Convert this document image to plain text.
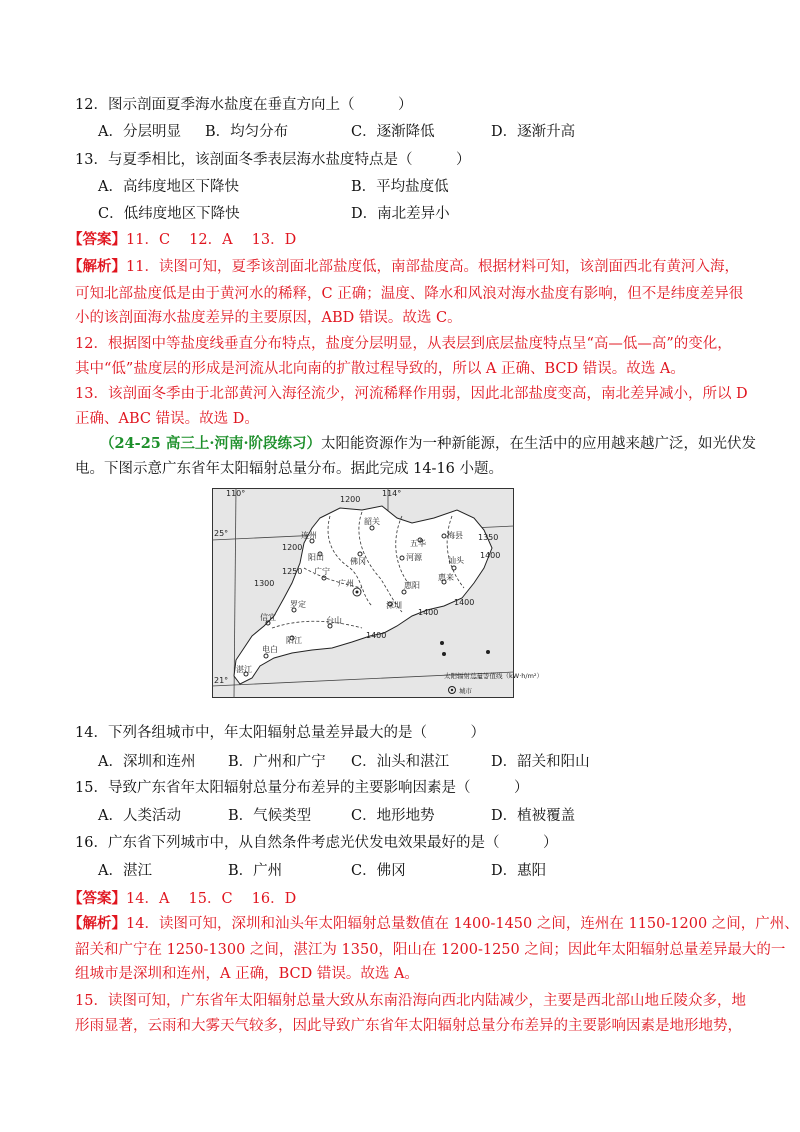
12．图示剖面夏季海水盐度在垂直方向上（　　　）
A．分层明显 B．均匀分布	C．逐渐降低	D．逐渐升高
13．与夏季相比，该剖面冬季表层海水盐度特点是（　　　）
A．高纬度地区下降快	B．平均盐度低
C．低纬度地区下降快	D．南北差异小
【答案】11．C　 12．A　 13．D
【解析】11．读图可知，夏季该剖面北部盐度低，南部盐度高。根据材料可知，该剖面西北有黄河入海，
可知北部盐度低是由于黄河水的稀释，C 正确；温度、降水和风浪对海水盐度有影响，但不是纬度差异很
小的该剖面海水盐度差异的主要原因，ABD 错误。故选 C。
12．根据图中等盐度线垂直分布特点，盐度分层明显，从表层到底层盐度特点呈“高—低—高”的变化，
其中“低”盐度层的形成是河流从北向南的扩散过程导致的，所以 A 正确、BCD 错误。故选 A。
13．该剖面冬季由于北部黄河入海径流少，河流稀释作用弱，因此北部盐度变高，南北差异减小，所以 D
正确、ABC 错误。故选 D。
（24-25 高三上·河南·阶段练习）太阳能资源作为一种新能源，在生活中的应用越来越广泛，如光伏发
电。下图示意广东省年太阳辐射总量分布。据此完成 14-16 小题。
1200
1350
1200
1250
1300
1400
1400
1400
1400
110°	114°
25°
21°
连州
韶关
阳山	佛冈
广宁
广州
罗定
河源
梅县
五华
汕头
惠阳
深圳
惠来
信宜
阳江
台山
电白
湛江
太阳辐射总量等值线（kW·h/m²）
城市
14．下列各组城市中，年太阳辐射总量差异最大的是（　　　）
A．深圳和连州 B．广州和广宁 C．汕头和湛江	D．韶关和阳山
15．导致广东省年太阳辐射总量分布差异的主要影响因素是（　　　）
A．人类活动	B．气候类型	C．地形地势	D．植被覆盖
16．广东省下列城市中，从自然条件考虑光伏发电效果最好的是（　　　）
A．湛江	B．广州	C．佛冈	D．惠阳
【答案】14．A　 15．C　 16．D
【解析】14．读图可知，深圳和汕头年太阳辐射总量数值在 1400-1450 之间，连州在 1150-1200 之间，广州、
韶关和广宁在 1250-1300 之间，湛江为 1350，阳山在 1200-1250 之间；因此年太阳辐射总量差异最大的一
组城市是深圳和连州，A 正确，BCD 错误。故选 A。
15．读图可知，广东省年太阳辐射总量大致从东南沿海向西北内陆减少，主要是西北部山地丘陵众多，地
形雨显著，云雨和大雾天气较多，因此导致广东省年太阳辐射总量分布差异的主要影响因素是地形地势，
